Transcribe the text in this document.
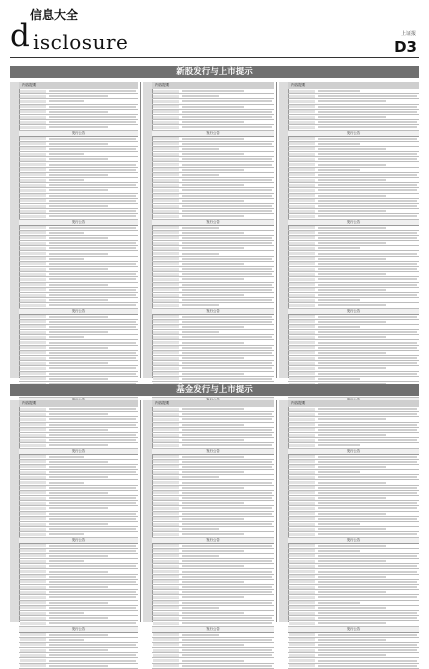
信息大全
d isclosure	上证报
D3
新股发行与上市提示
内容提要
发行公告
发行公告
发行公告
内容提要
发行公告
发行公告
发行公告
内容提要
发行公告
发行公告
发行公告
基金发行与上市提示
内容提要
发行公告
发行公告
发行公告
内容提要
发行公告
发行公告
发行公告
内容提要
发行公告
发行公告
发行公告
